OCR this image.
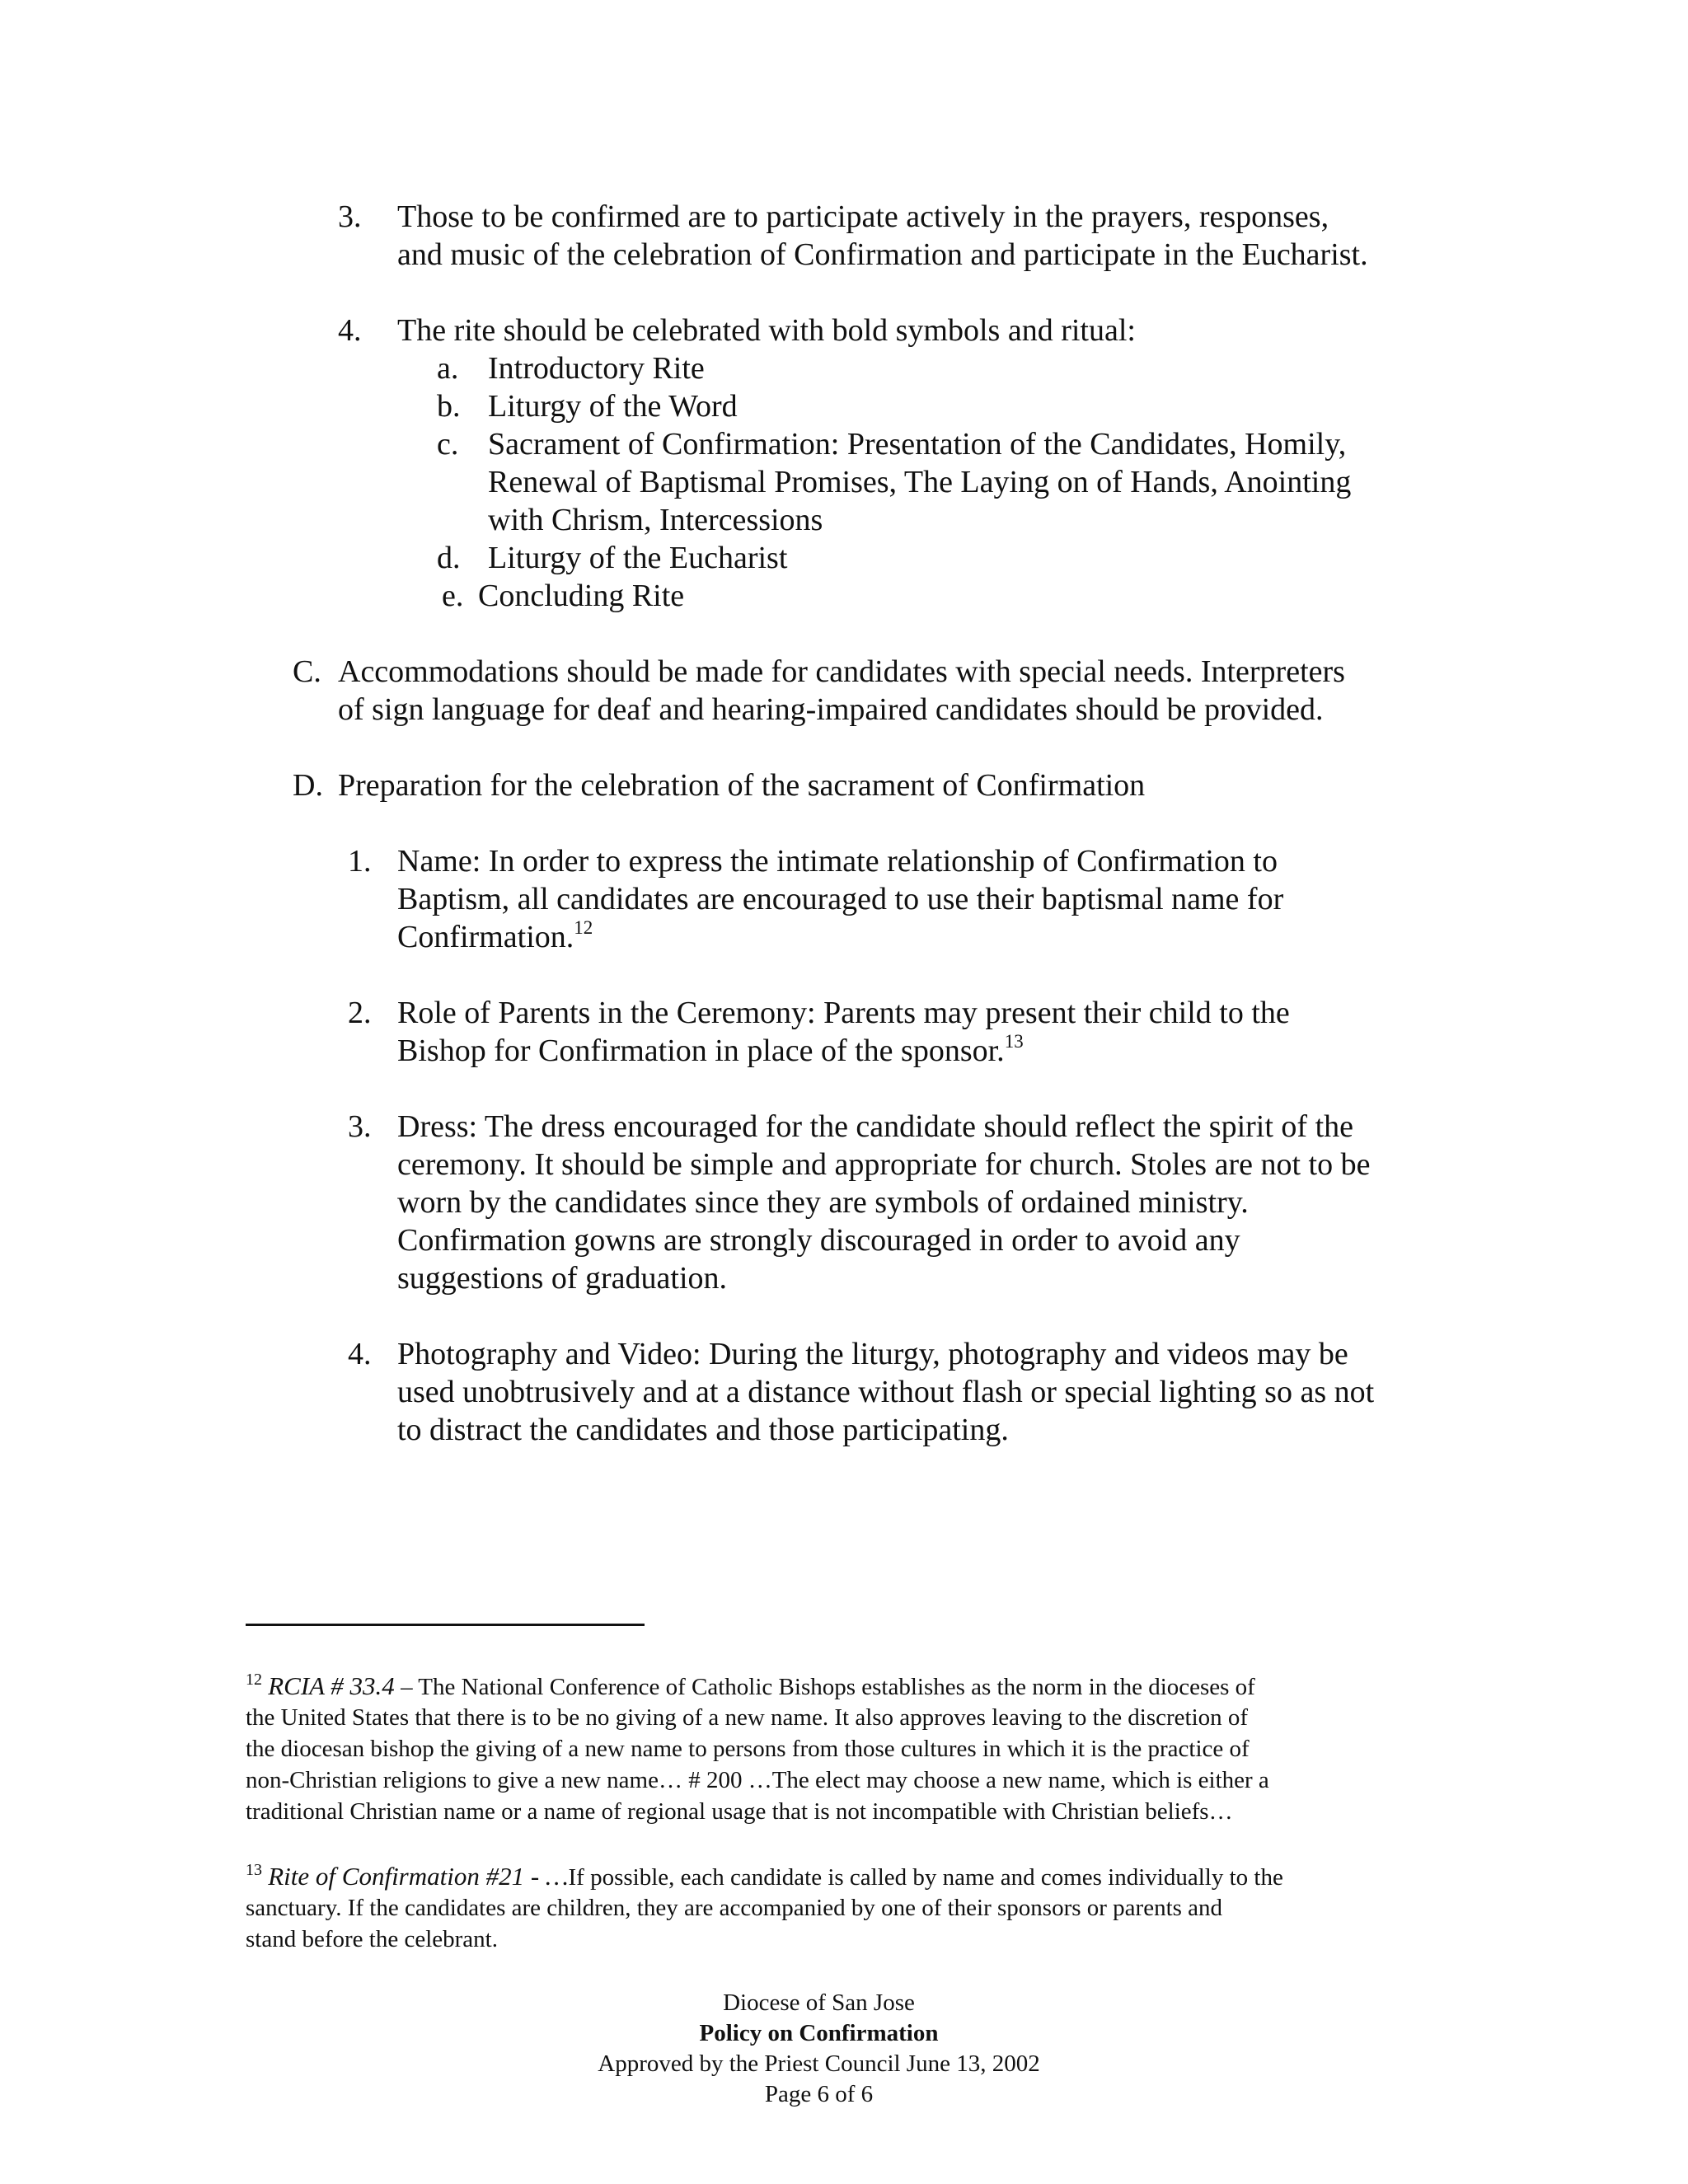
3. Those to be confirmed are to participate actively in the prayers, responses,
and music of the celebration of Confirmation and participate in the Eucharist.
4. The rite should be celebrated with bold symbols and ritual:
a. Introductory Rite
b. Liturgy of the Word
c. Sacrament of Confirmation: Presentation of the Candidates, Homily,
Renewal of Baptismal Promises, The Laying on of Hands, Anointing
with Chrism, Intercessions
d. Liturgy of the Eucharist
e. Concluding Rite
C. Accommodations should be made for candidates with special needs. Interpreters
of sign language for deaf and hearing-impaired candidates should be provided.
D. Preparation for the celebration of the sacrament of Confirmation
1. Name: In order to express the intimate relationship of Confirmation to
Baptism, all candidates are encouraged to use their baptismal name for
Confirmation.$^{12}$
2. Role of Parents in the Ceremony: Parents may present their child to the
Bishop for Confirmation in place of the sponsor.$^{13}$
3. Dress: The dress encouraged for the candidate should reflect the spirit of the
ceremony. It should be simple and appropriate for church. Stoles are not to be
worn by the candidates since they are symbols of ordained ministry.
Confirmation gowns are strongly discouraged in order to avoid any
suggestions of graduation.
4. Photography and Video: During the liturgy, photography and videos may be
used unobtrusively and at a distance without flash or special lighting so as not
to distract the candidates and those participating.
$^{12}$ RCIA # 33.4 – The National Conference of Catholic Bishops establishes as the norm in the dioceses of
the United States that there is to be no giving of a new name. It also approves leaving to the discretion of
the diocesan bishop the giving of a new name to persons from those cultures in which it is the practice of
non-Christian religions to give a new name… # 200 …The elect may choose a new name, which is either a
traditional Christian name or a name of regional usage that is not incompatible with Christian beliefs…
$^{13}$ Rite of Confirmation #21 - …If possible, each candidate is called by name and comes individually to the
sanctuary. If the candidates are children, they are accompanied by one of their sponsors or parents and
stand before the celebrant.
Diocese of San Jose
Policy on Confirmation
Approved by the Priest Council June 13, 2002
Page 6 of 6
